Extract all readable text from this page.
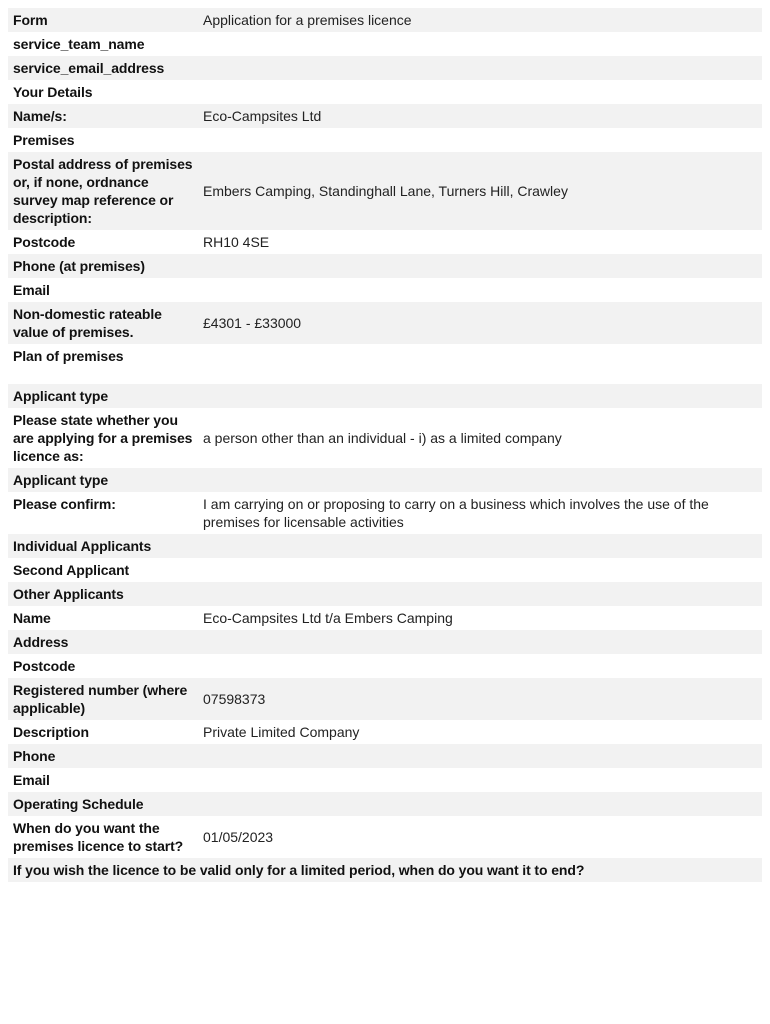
Form	Application for a premises licence
service_team_name	
service_email_address	
Your Details	
Name/s:	Eco-Campsites Ltd
Premises	
Postal address of premises or, if none, ordnance survey map reference or description:	Embers Camping, Standinghall Lane, Turners Hill, Crawley
Postcode	RH10 4SE
Phone (at premises)	
Email	
Non-domestic rateable value of premises.	£4301 - £33000
Plan of premises	
Applicant type	
Please state whether you are applying for a premises licence as:	a person other than an individual - i) as a limited company
Applicant type	
Please confirm:	I am carrying on or proposing to carry on a business which involves the use of the premises for licensable activities
Individual Applicants	
Second Applicant	
Other Applicants	
Name	Eco-Campsites Ltd t/a Embers Camping
Address	
Postcode	
Registered number (where applicable)	07598373
Description	Private Limited Company
Phone	
Email	
Operating Schedule	
When do you want the premises licence to start?	01/05/2023
If you wish the licence to be valid only for a limited period, when do you want it to end?	
